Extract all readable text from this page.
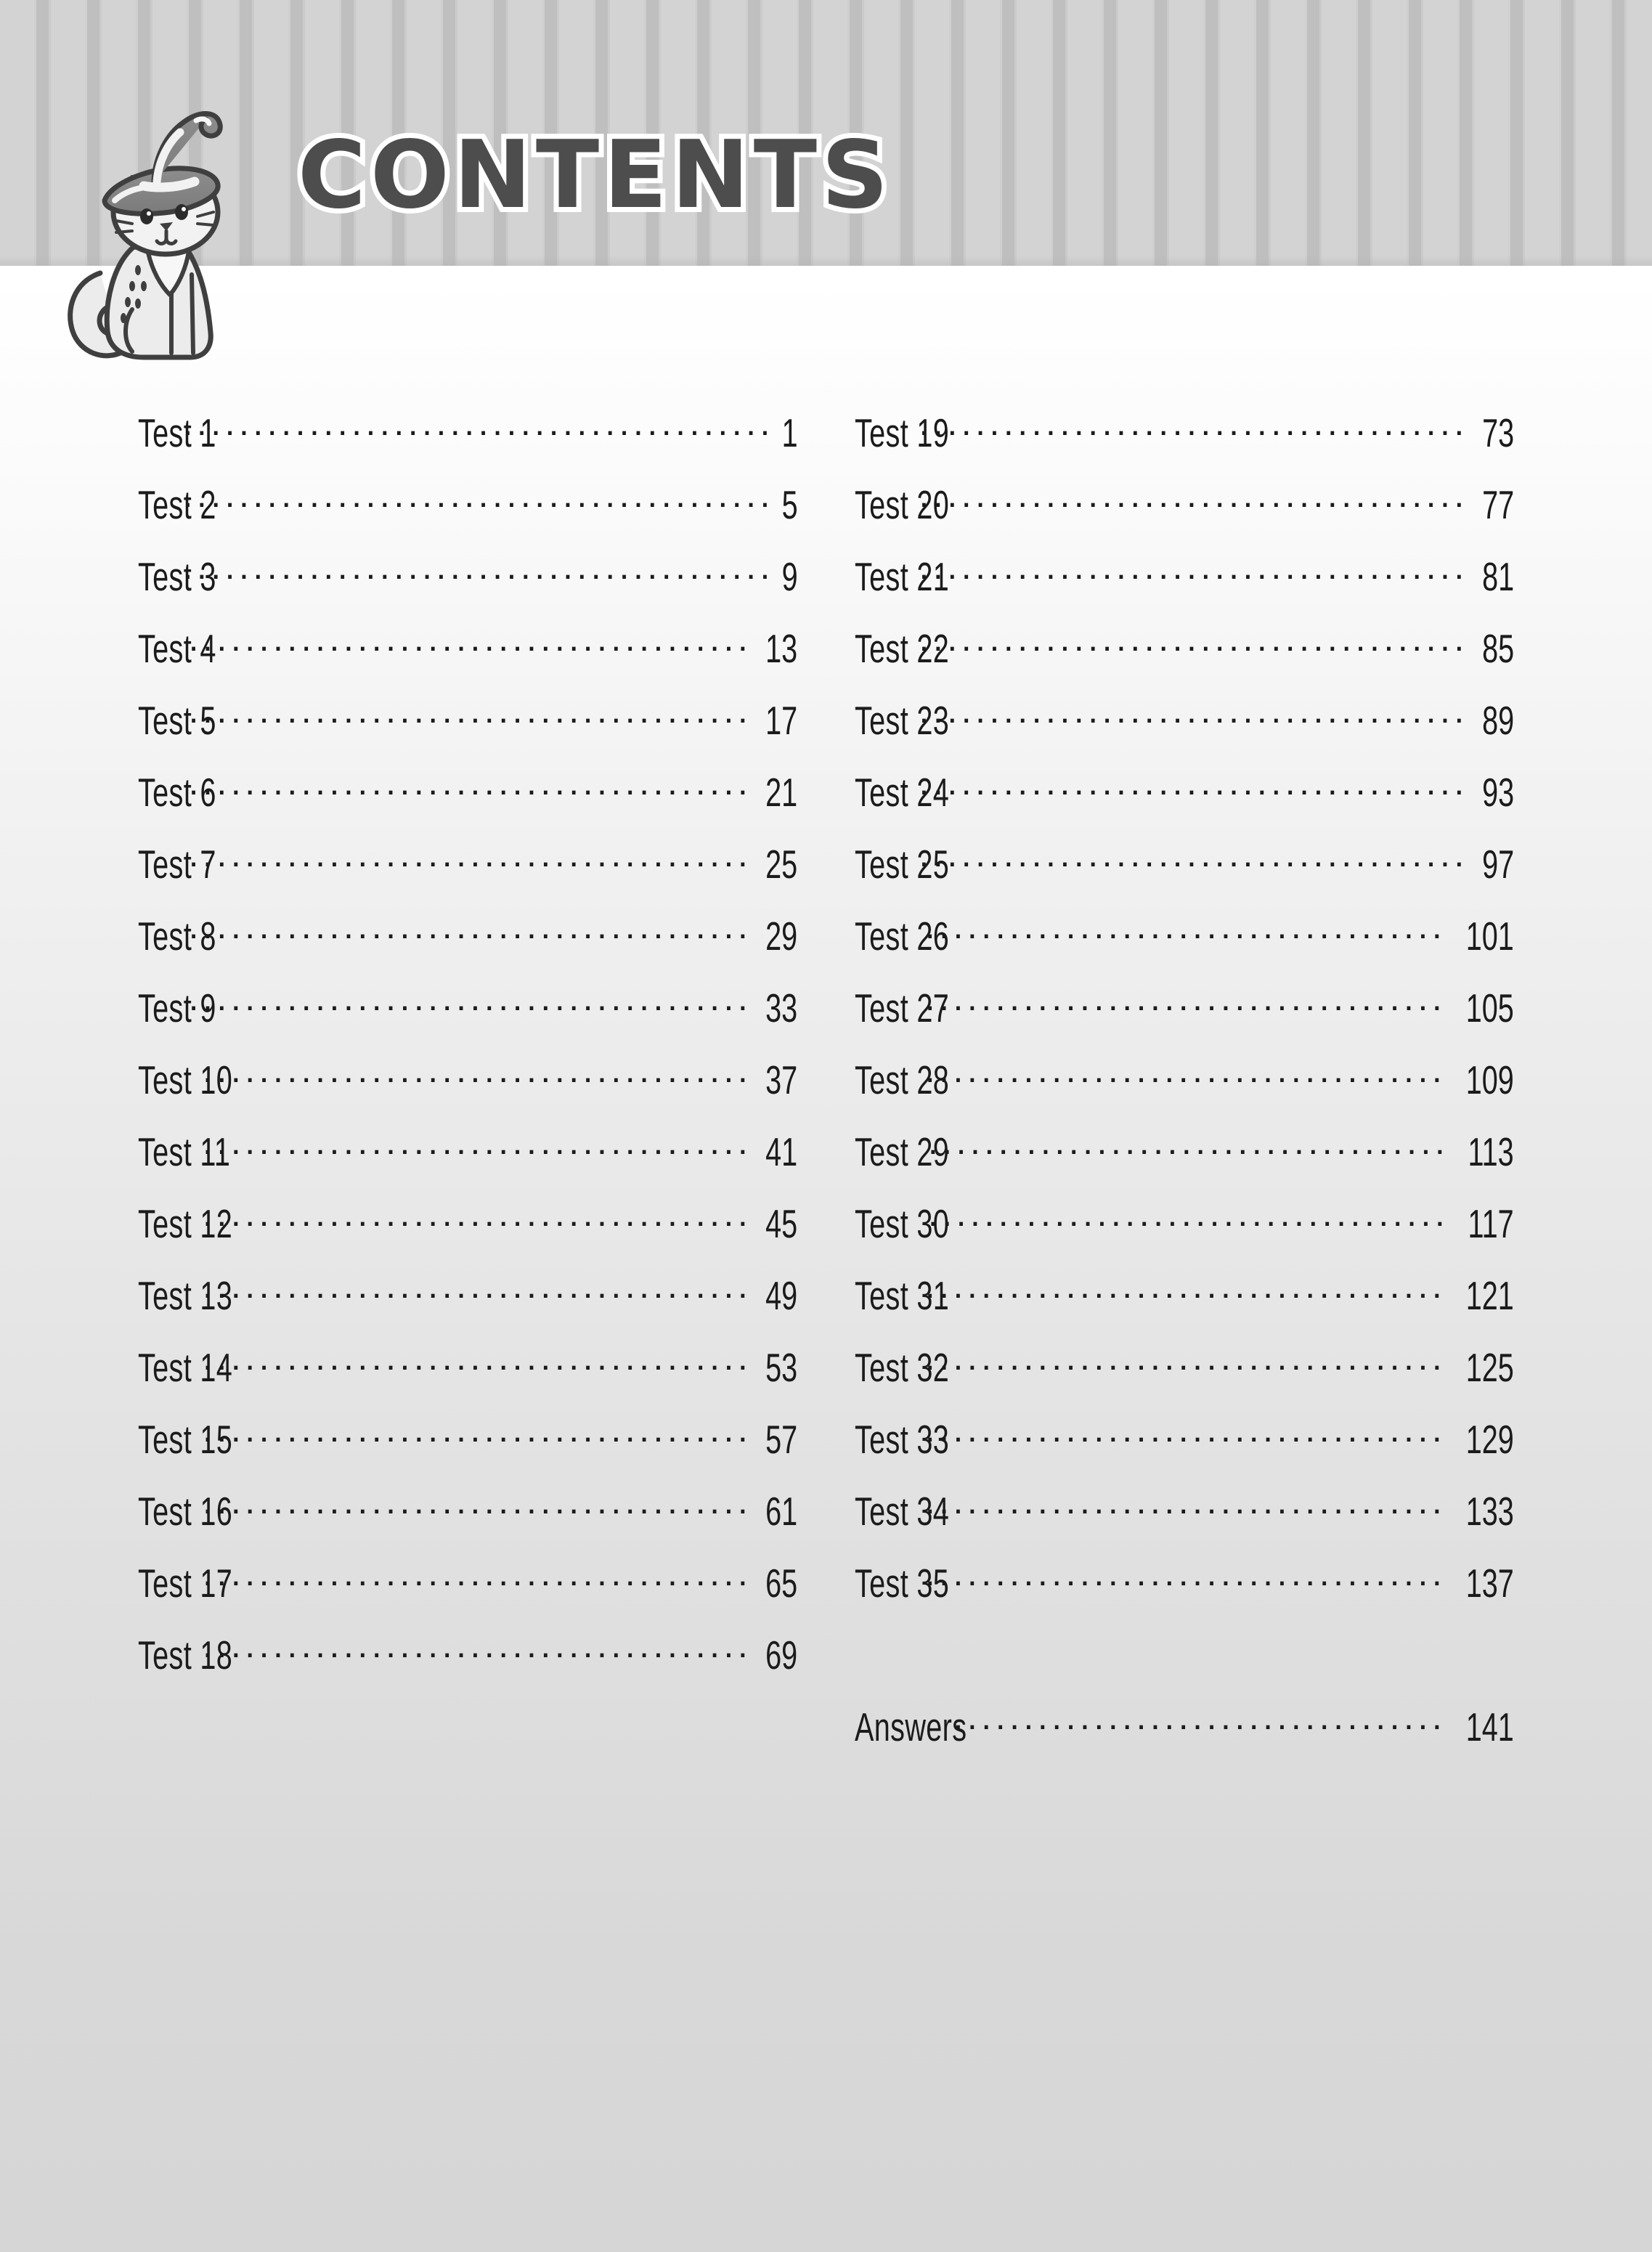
CONTENTS
Test 1 .....	1
Test 2 .....	5
Test 3 .....	9
Test 4 .....	13
Test 5 .....	17
Test 6 .....	21
Test 7 .....	25
Test 8 .....	29
Test 9 .....	33
Test 10 .....	37
Test 11 .....	41
Test 12 .....	45
Test 13 .....	49
Test 14 .....	53
Test 15 .....	57
Test 16 .....	61
Test 17 .....	65
Test 18 .....	69
Test 19 .....	73
Test 20 .....	77
Test 21 .....	81
Test 22 .....	85
Test 23 .....	89
Test 24 .....	93
Test 25 .....	97
Test 26 .....	101
Test 27 .....	105
Test 28 .....	109
Test 29 .....	113
Test 30 .....	117
Test 31 .....	121
Test 32 .....	125
Test 33 .....	129
Test 34 .....	133
Test 35 .....	137
Answers .....	141
